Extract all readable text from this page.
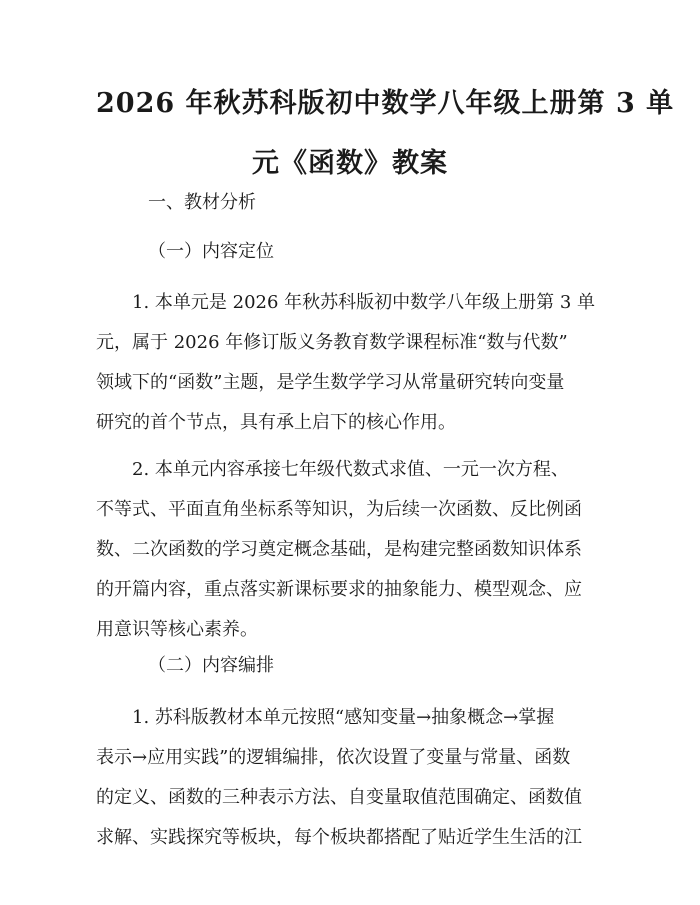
2026 年秋苏科版初中数学八年级上册第 3 单
元《函数》教案

一、教材分析

（一）内容定位

1. 本单元是 2026 年秋苏科版初中数学八年级上册第 3 单
元，属于 2026 年修订版义务教育数学课程标准“数与代数”
领域下的“函数”主题，是学生数学学习从常量研究转向变量
研究的首个节点，具有承上启下的核心作用。
2. 本单元内容承接七年级代数式求值、一元一次方程、
不等式、平面直角坐标系等知识，为后续一次函数、反比例函
数、二次函数的学习奠定概念基础，是构建完整函数知识体系
的开篇内容，重点落实新课标要求的抽象能力、模型观念、应
用意识等核心素养。

（二）内容编排

1. 苏科版教材本单元按照“感知变量→抽象概念→掌握
表示→应用实践”的逻辑编排，依次设置了变量与常量、函数
的定义、函数的三种表示方法、自变量取值范围确定、函数值
求解、实践探究等板块，每个板块都搭配了贴近学生生活的江
